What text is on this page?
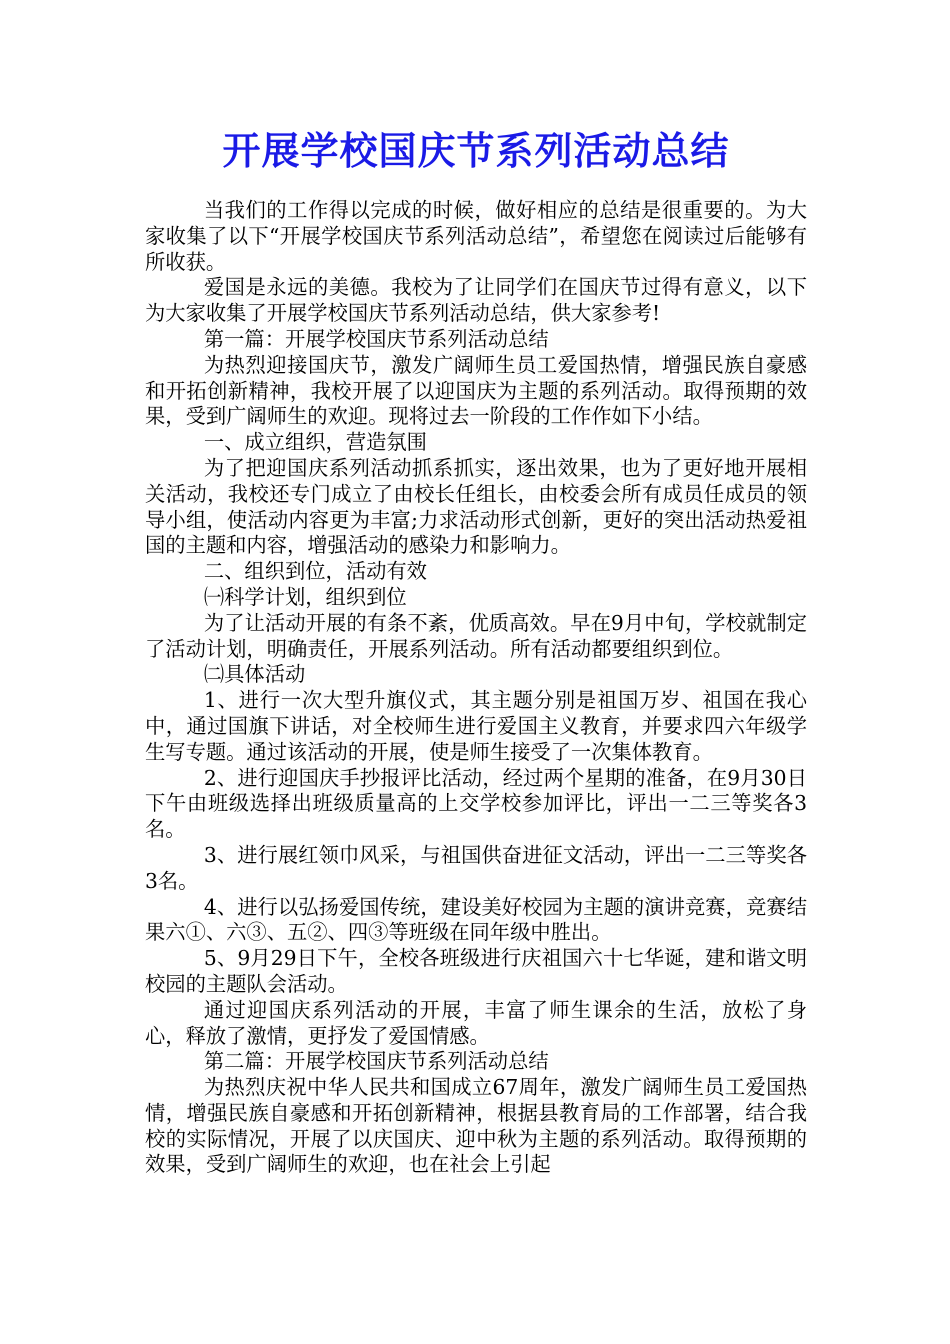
开展学校国庆节系列活动总结

当我们的工作得以完成的时候，做好相应的总结是很重要的。为大家收集了以下“开展学校国庆节系列活动总结”，希望您在阅读过后能够有所收获。

爱国是永远的美德。我校为了让同学们在国庆节过得有意义，以下为大家收集了开展学校国庆节系列活动总结，供大家参考!

第一篇：开展学校国庆节系列活动总结

为热烈迎接国庆节，激发广阔师生员工爱国热情，增强民族自豪感和开拓创新精神，我校开展了以迎国庆为主题的系列活动。取得预期的效果，受到广阔师生的欢迎。现将过去一阶段的工作作如下小结。

一、成立组织，营造氛围

为了把迎国庆系列活动抓系抓实，逐出效果，也为了更好地开展相关活动，我校还专门成立了由校长任组长，由校委会所有成员任成员的领导小组，使活动内容更为丰富;力求活动形式创新，更好的突出活动热爱祖国的主题和内容，增强活动的感染力和影响力。

二、组织到位，活动有效

㈠科学计划，组织到位

为了让活动开展的有条不紊，优质高效。早在9月中旬，学校就制定了活动计划，明确责任，开展系列活动。所有活动都要组织到位。

㈡具体活动

1、进行一次大型升旗仪式，其主题分别是祖国万岁、祖国在我心中，通过国旗下讲话，对全校师生进行爱国主义教育，并要求四六年级学生写专题。通过该活动的开展，使是师生接受了一次集体教育。

2、进行迎国庆手抄报评比活动，经过两个星期的准备，在9月30日下午由班级选择出班级质量高的上交学校参加评比，评出一二三等奖各3名。

3、进行展红领巾风采，与祖国供奋进征文活动，评出一二三等奖各3名。

4、进行以弘扬爱国传统，建设美好校园为主题的演讲竞赛，竞赛结果六①、六③、五②、四③等班级在同年级中胜出。

5、9月29日下午，全校各班级进行庆祖国六十七华诞，建和谐文明校园的主题队会活动。

通过迎国庆系列活动的开展，丰富了师生课余的生活，放松了身心，释放了激情，更抒发了爱国情感。

第二篇：开展学校国庆节系列活动总结

为热烈庆祝中华人民共和国成立67周年，激发广阔师生员工爱国热情，增强民族自豪感和开拓创新精神，根据县教育局的工作部署，结合我校的实际情况，开展了以庆国庆、迎中秋为主题的系列活动。取得预期的效果，受到广阔师生的欢迎，也在社会上引起
